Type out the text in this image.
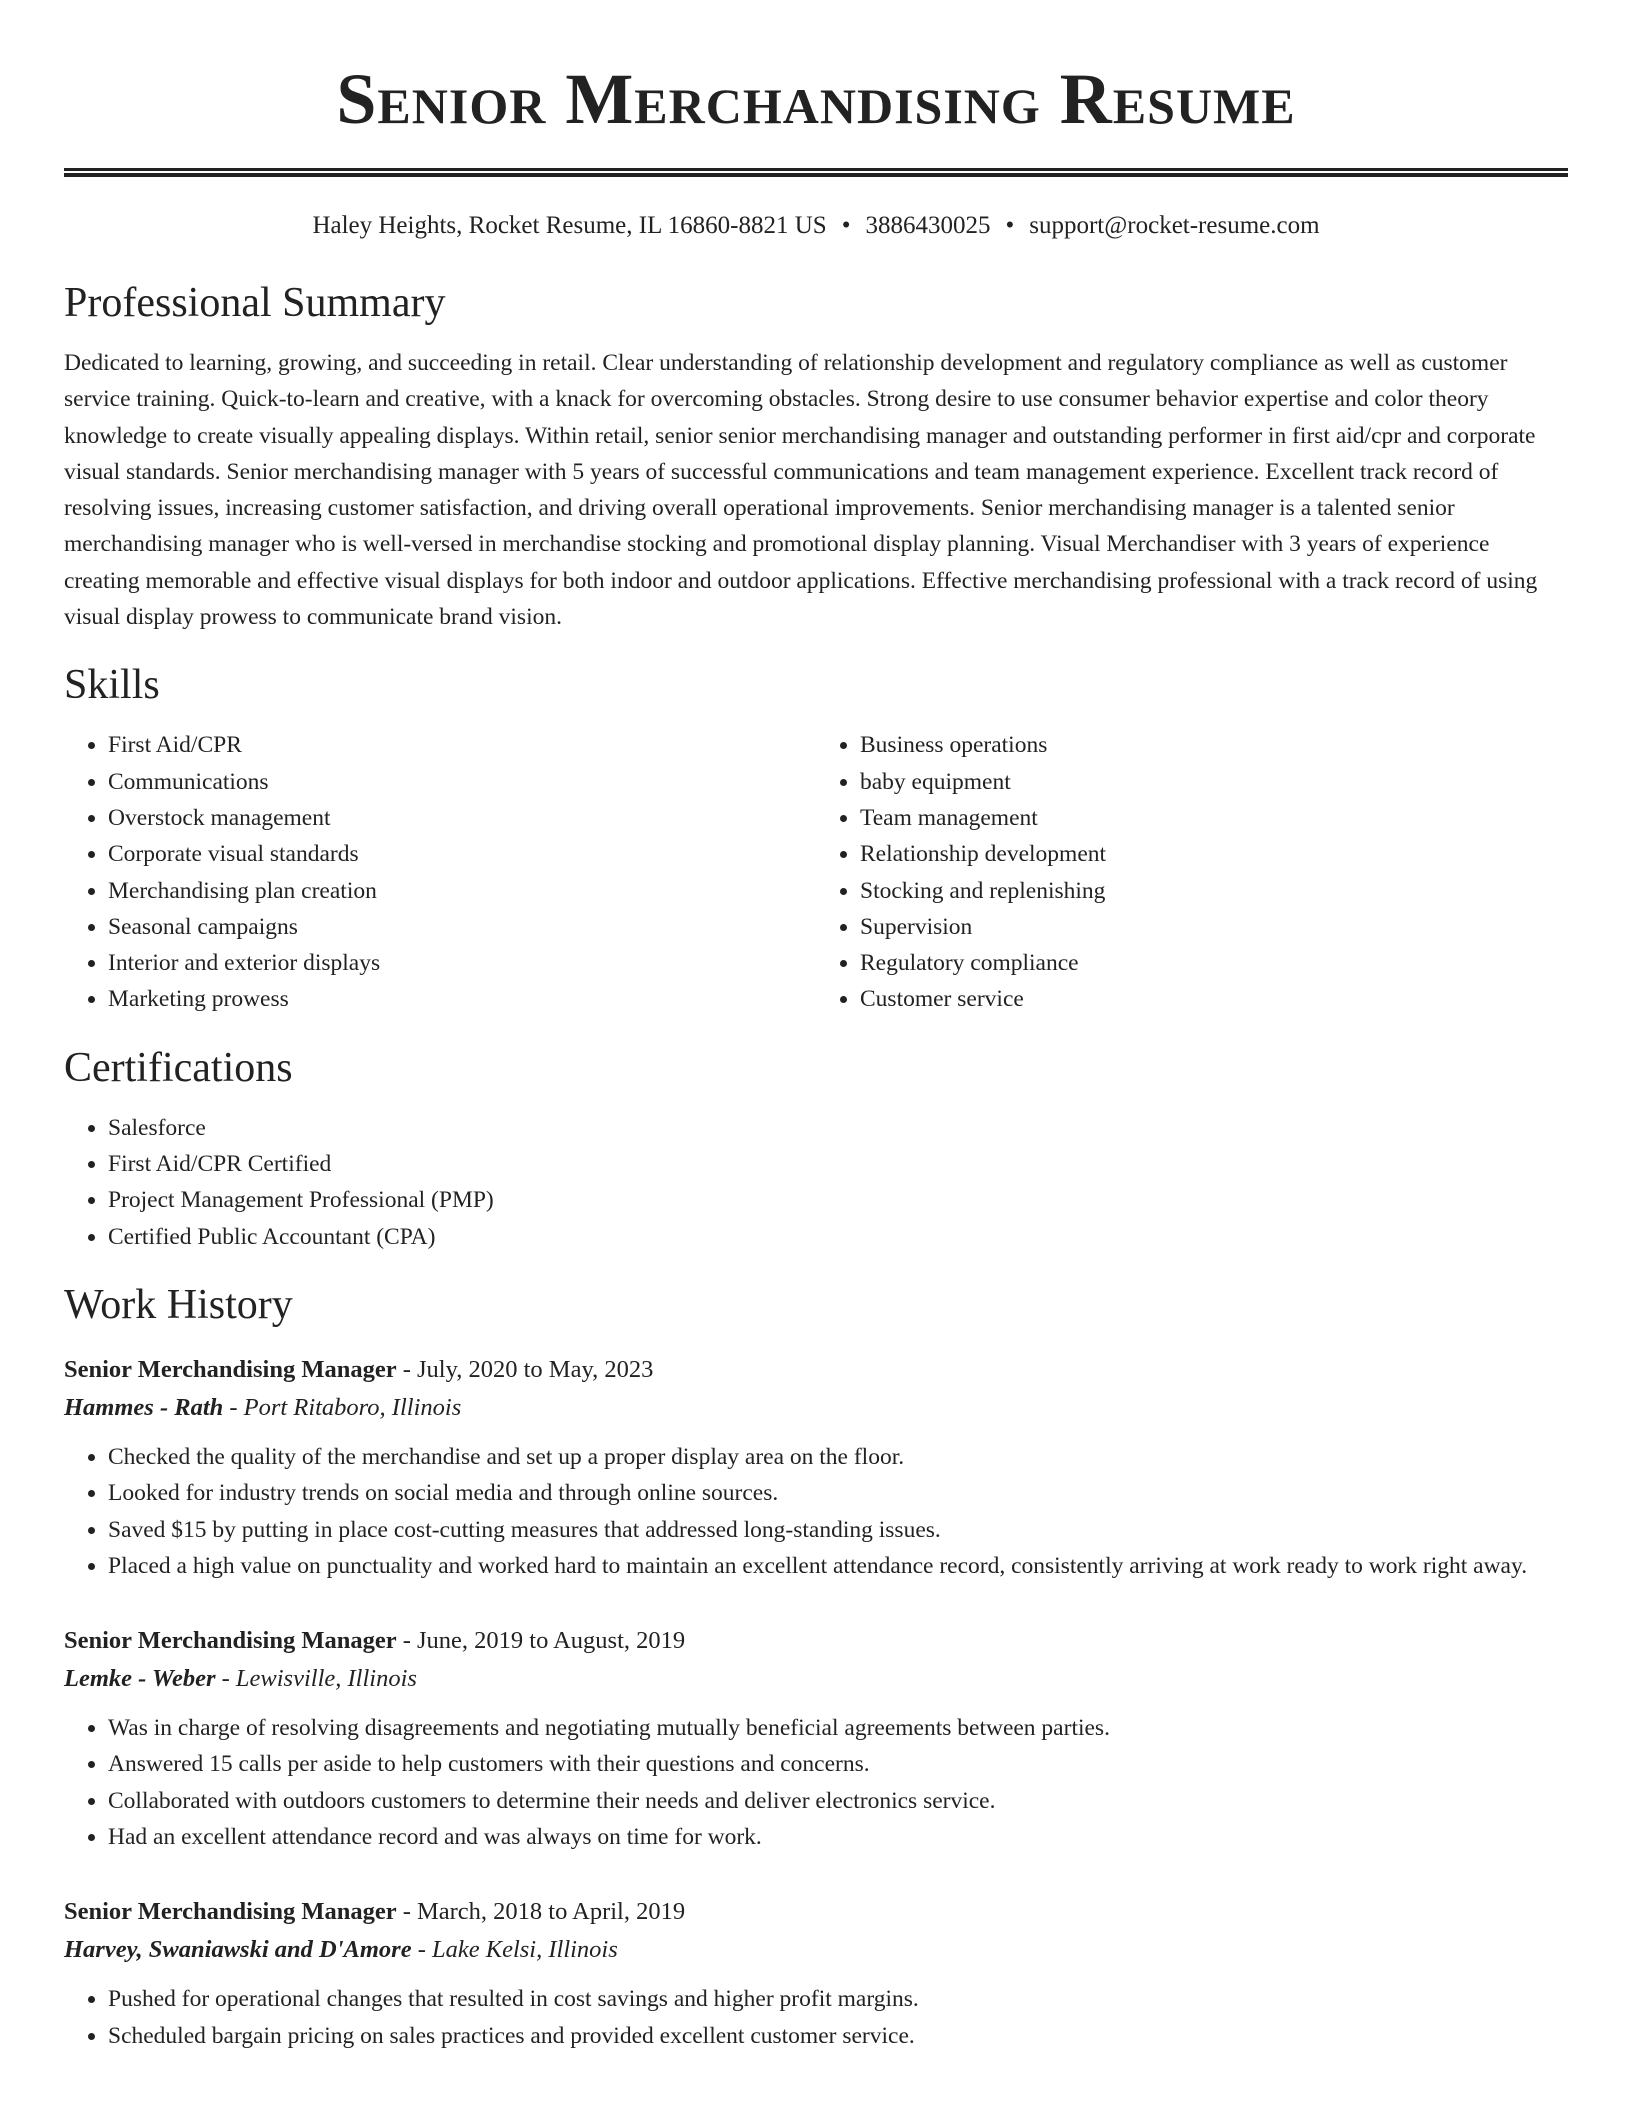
Senior Merchandising Resume
Haley Heights, Rocket Resume, IL 16860-8821 US • 3886430025 • support@rocket-resume.com
Professional Summary

Dedicated to learning, growing, and succeeding in retail. Clear understanding of relationship development and regulatory compliance as well as customer service training. Quick-to-learn and creative, with a knack for overcoming obstacles. Strong desire to use consumer behavior expertise and color theory knowledge to create visually appealing displays. Within retail, senior senior merchandising manager and outstanding performer in first aid/cpr and corporate visual standards. Senior merchandising manager with 5 years of successful communications and team management experience. Excellent track record of resolving issues, increasing customer satisfaction, and driving overall operational improvements. Senior merchandising manager is a talented senior merchandising manager who is well-versed in merchandise stocking and promotional display planning. Visual Merchandiser with 3 years of experience creating memorable and effective visual displays for both indoor and outdoor applications. Effective merchandising professional with a track record of using visual display prowess to communicate brand vision.

Skills
• First Aid/CPR
• Communications
• Overstock management
• Corporate visual standards
• Merchandising plan creation
• Seasonal campaigns
• Interior and exterior displays
• Marketing prowess
• Business operations
• baby equipment
• Team management
• Relationship development
• Stocking and replenishing
• Supervision
• Regulatory compliance
• Customer service
Certifications
• Salesforce
• First Aid/CPR Certified
• Project Management Professional (PMP)
• Certified Public Accountant (CPA)
Work History
Senior Merchandising Manager - July, 2020 to May, 2023
Hammes - Rath - Port Ritaboro, Illinois
• Checked the quality of the merchandise and set up a proper display area on the floor.
• Looked for industry trends on social media and through online sources.
• Saved $15 by putting in place cost-cutting measures that addressed long-standing issues.
• Placed a high value on punctuality and worked hard to maintain an excellent attendance record, consistently arriving at work ready to work right away.
Senior Merchandising Manager - June, 2019 to August, 2019
Lemke - Weber - Lewisville, Illinois
• Was in charge of resolving disagreements and negotiating mutually beneficial agreements between parties.
• Answered 15 calls per aside to help customers with their questions and concerns.
• Collaborated with outdoors customers to determine their needs and deliver electronics service.
• Had an excellent attendance record and was always on time for work.
Senior Merchandising Manager - March, 2018 to April, 2019
Harvey, Swaniawski and D'Amore - Lake Kelsi, Illinois
• Pushed for operational changes that resulted in cost savings and higher profit margins.
• Scheduled bargain pricing on sales practices and provided excellent customer service.
